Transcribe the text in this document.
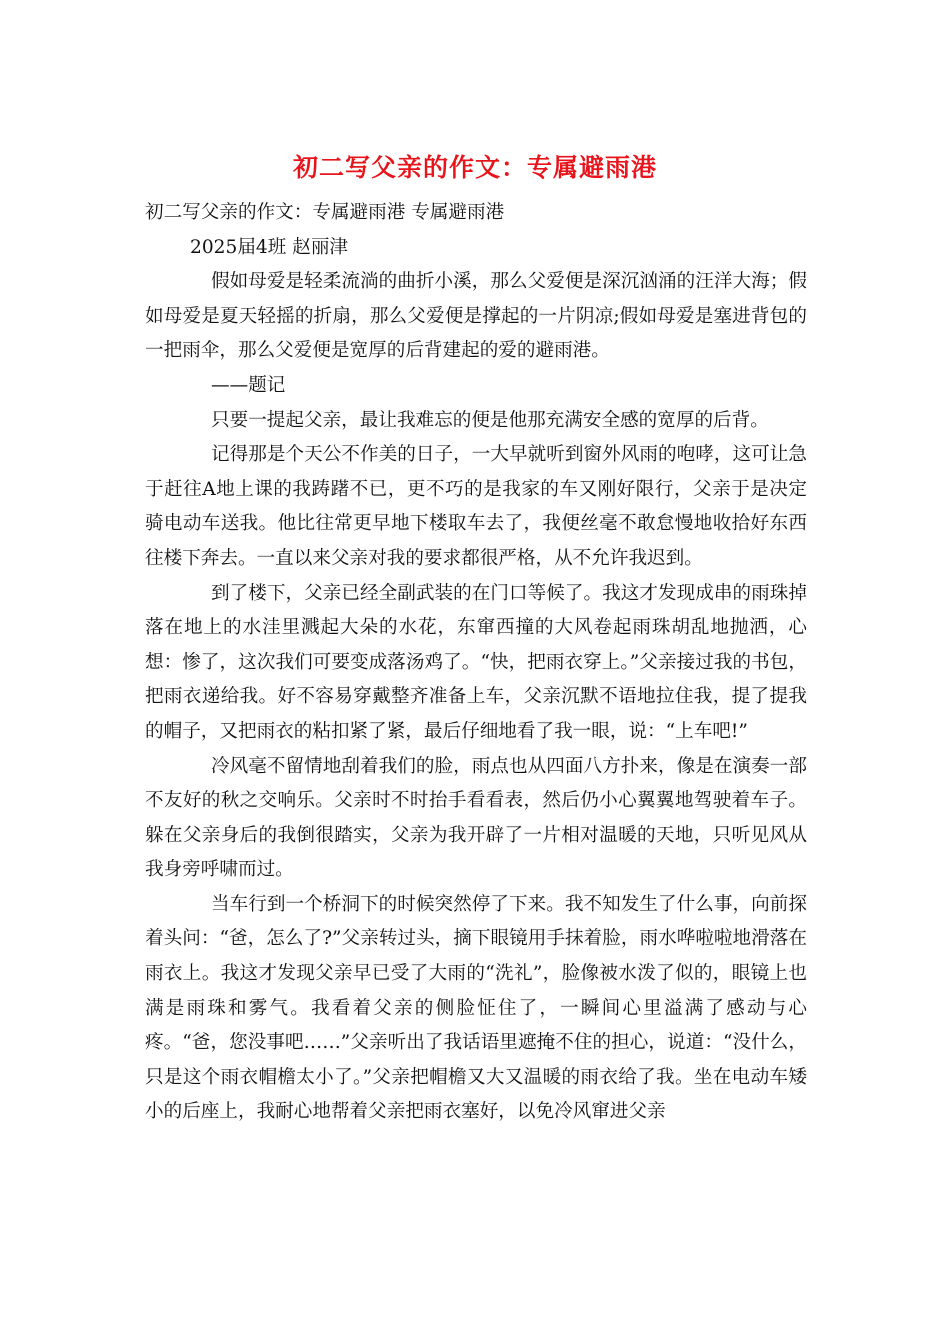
初二写父亲的作文：专属避雨港

初二写父亲的作文：专属避雨港 专属避雨港

2025届4班 赵丽津

假如母爱是轻柔流淌的曲折小溪，那么父爱便是深沉汹涌的汪洋大海；假如母爱是夏天轻摇的折扇，那么父爱便是撑起的一片阴凉;假如母爱是塞进背包的一把雨伞，那么父爱便是宽厚的后背建起的爱的避雨港。

——题记

只要一提起父亲，最让我难忘的便是他那充满安全感的宽厚的后背。

记得那是个天公不作美的日子，一大早就听到窗外风雨的咆哮，这可让急于赶往A地上课的我踌躇不已，更不巧的是我家的车又刚好限行，父亲于是决定骑电动车送我。他比往常更早地下楼取车去了，我便丝毫不敢怠慢地收拾好东西往楼下奔去。一直以来父亲对我的要求都很严格，从不允许我迟到。

到了楼下，父亲已经全副武装的在门口等候了。我这才发现成串的雨珠掉落在地上的水洼里溅起大朵的水花，东窜西撞的大风卷起雨珠胡乱地抛洒，心想：惨了，这次我们可要变成落汤鸡了。“快，把雨衣穿上。”父亲接过我的书包，把雨衣递给我。好不容易穿戴整齐准备上车，父亲沉默不语地拉住我，提了提我的帽子，又把雨衣的粘扣紧了紧，最后仔细地看了我一眼，说：“上车吧!”

冷风毫不留情地刮着我们的脸，雨点也从四面八方扑来，像是在演奏一部不友好的秋之交响乐。父亲时不时抬手看看表，然后仍小心翼翼地驾驶着车子。躲在父亲身后的我倒很踏实，父亲为我开辟了一片相对温暖的天地，只听见风从我身旁呼啸而过。

当车行到一个桥洞下的时候突然停了下来。我不知发生了什么事，向前探着头问：“爸，怎么了?”父亲转过头，摘下眼镜用手抹着脸，雨水哗啦啦地滑落在雨衣上。我这才发现父亲早已受了大雨的“洗礼”，脸像被水泼了似的，眼镜上也满是雨珠和雾气。我看着父亲的侧脸怔住了，一瞬间心里溢满了感动与心疼。“爸，您没事吧……”父亲听出了我话语里遮掩不住的担心，说道：“没什么，只是这个雨衣帽檐太小了。”父亲把帽檐又大又温暖的雨衣给了我。坐在电动车矮小的后座上，我耐心地帮着父亲把雨衣塞好，以免冷风窜进父亲
